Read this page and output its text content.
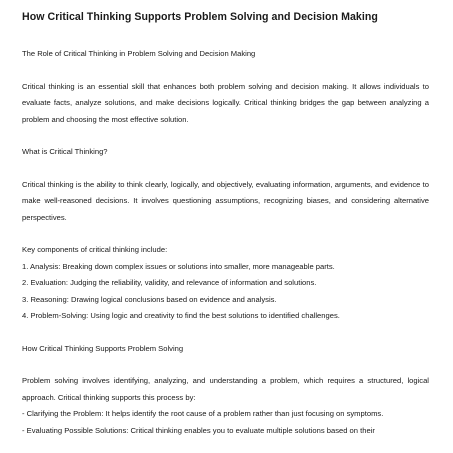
How Critical Thinking Supports Problem Solving and Decision Making

The Role of Critical Thinking in Problem Solving and Decision Making

Critical thinking is an essential skill that enhances both problem solving and decision making. It allows individuals to evaluate facts, analyze solutions, and make decisions logically. Critical thinking bridges the gap between analyzing a problem and choosing the most effective solution.

What is Critical Thinking?

Critical thinking is the ability to think clearly, logically, and objectively, evaluating information, arguments, and evidence to make well-reasoned decisions. It involves questioning assumptions, recognizing biases, and considering alternative perspectives.

Key components of critical thinking include:

1. Analysis: Breaking down complex issues or solutions into smaller, more manageable parts.
2. Evaluation: Judging the reliability, validity, and relevance of information and solutions.
3. Reasoning: Drawing logical conclusions based on evidence and analysis.
4. Problem-Solving: Using logic and creativity to find the best solutions to identified challenges.

How Critical Thinking Supports Problem Solving

Problem solving involves identifying, analyzing, and understanding a problem, which requires a structured, logical approach. Critical thinking supports this process by:

- Clarifying the Problem: It helps identify the root cause of a problem rather than just focusing on symptoms.
- Evaluating Possible Solutions: Critical thinking enables you to evaluate multiple solutions based on their
